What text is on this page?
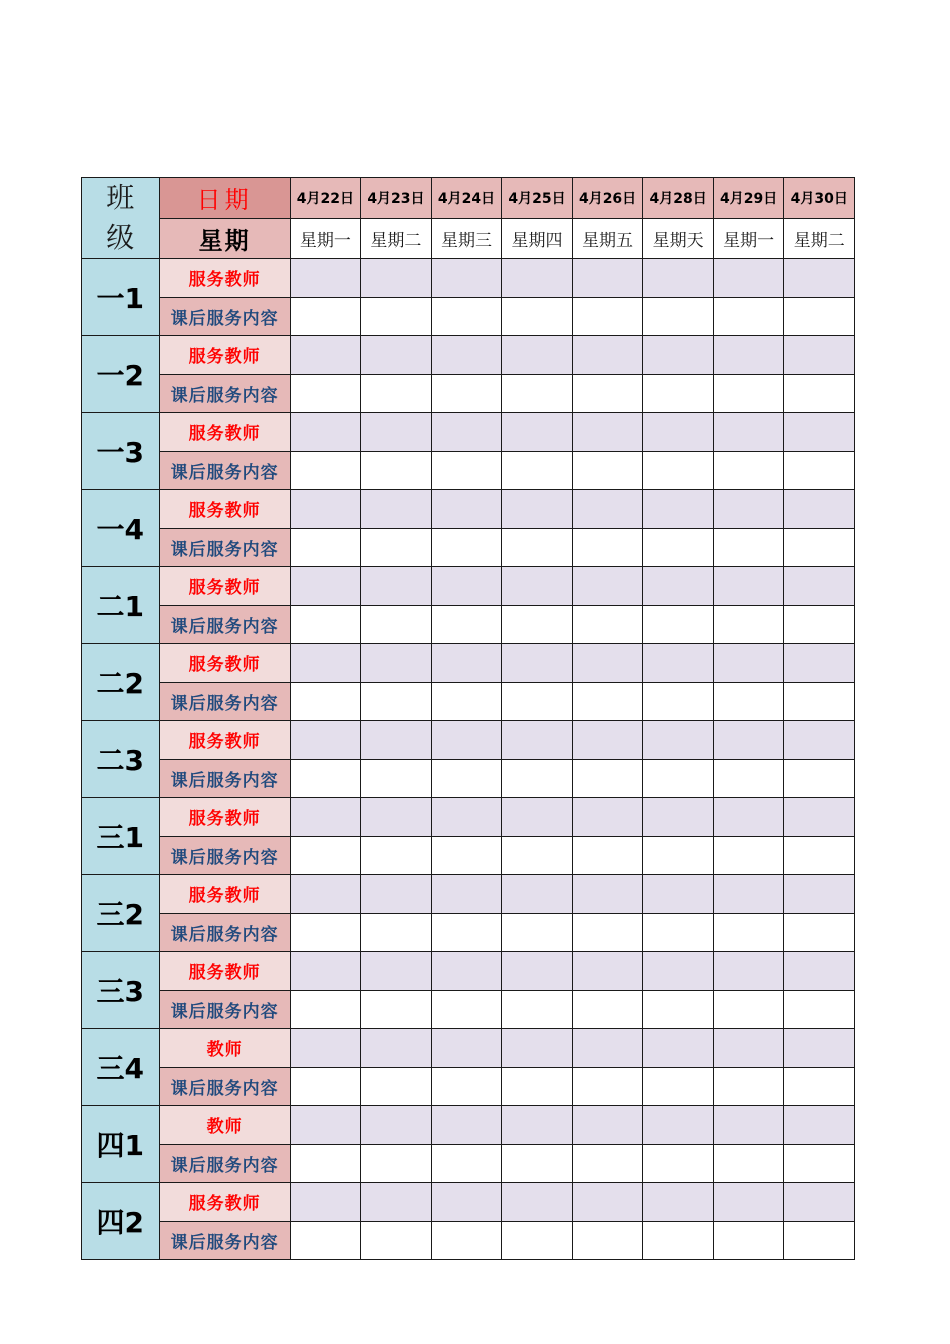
班
级	日期	4月22日	4月23日	4月24日	4月25日	4月26日	4月28日	4月29日	4月30日
	星期	星期一	星期二	星期三	星期四	星期五	星期天	星期一	星期二
一1	服务教师								
	课后服务内容								
一2	服务教师								
	课后服务内容								
一3	服务教师								
	课后服务内容								
一4	服务教师								
	课后服务内容								
二1	服务教师								
	课后服务内容								
二2	服务教师								
	课后服务内容								
二3	服务教师								
	课后服务内容								
三1	服务教师								
	课后服务内容								
三2	服务教师								
	课后服务内容								
三3	服务教师								
	课后服务内容								
三4	教师								
	课后服务内容								
四1	教师								
	课后服务内容								
四2	服务教师								
	课后服务内容								
